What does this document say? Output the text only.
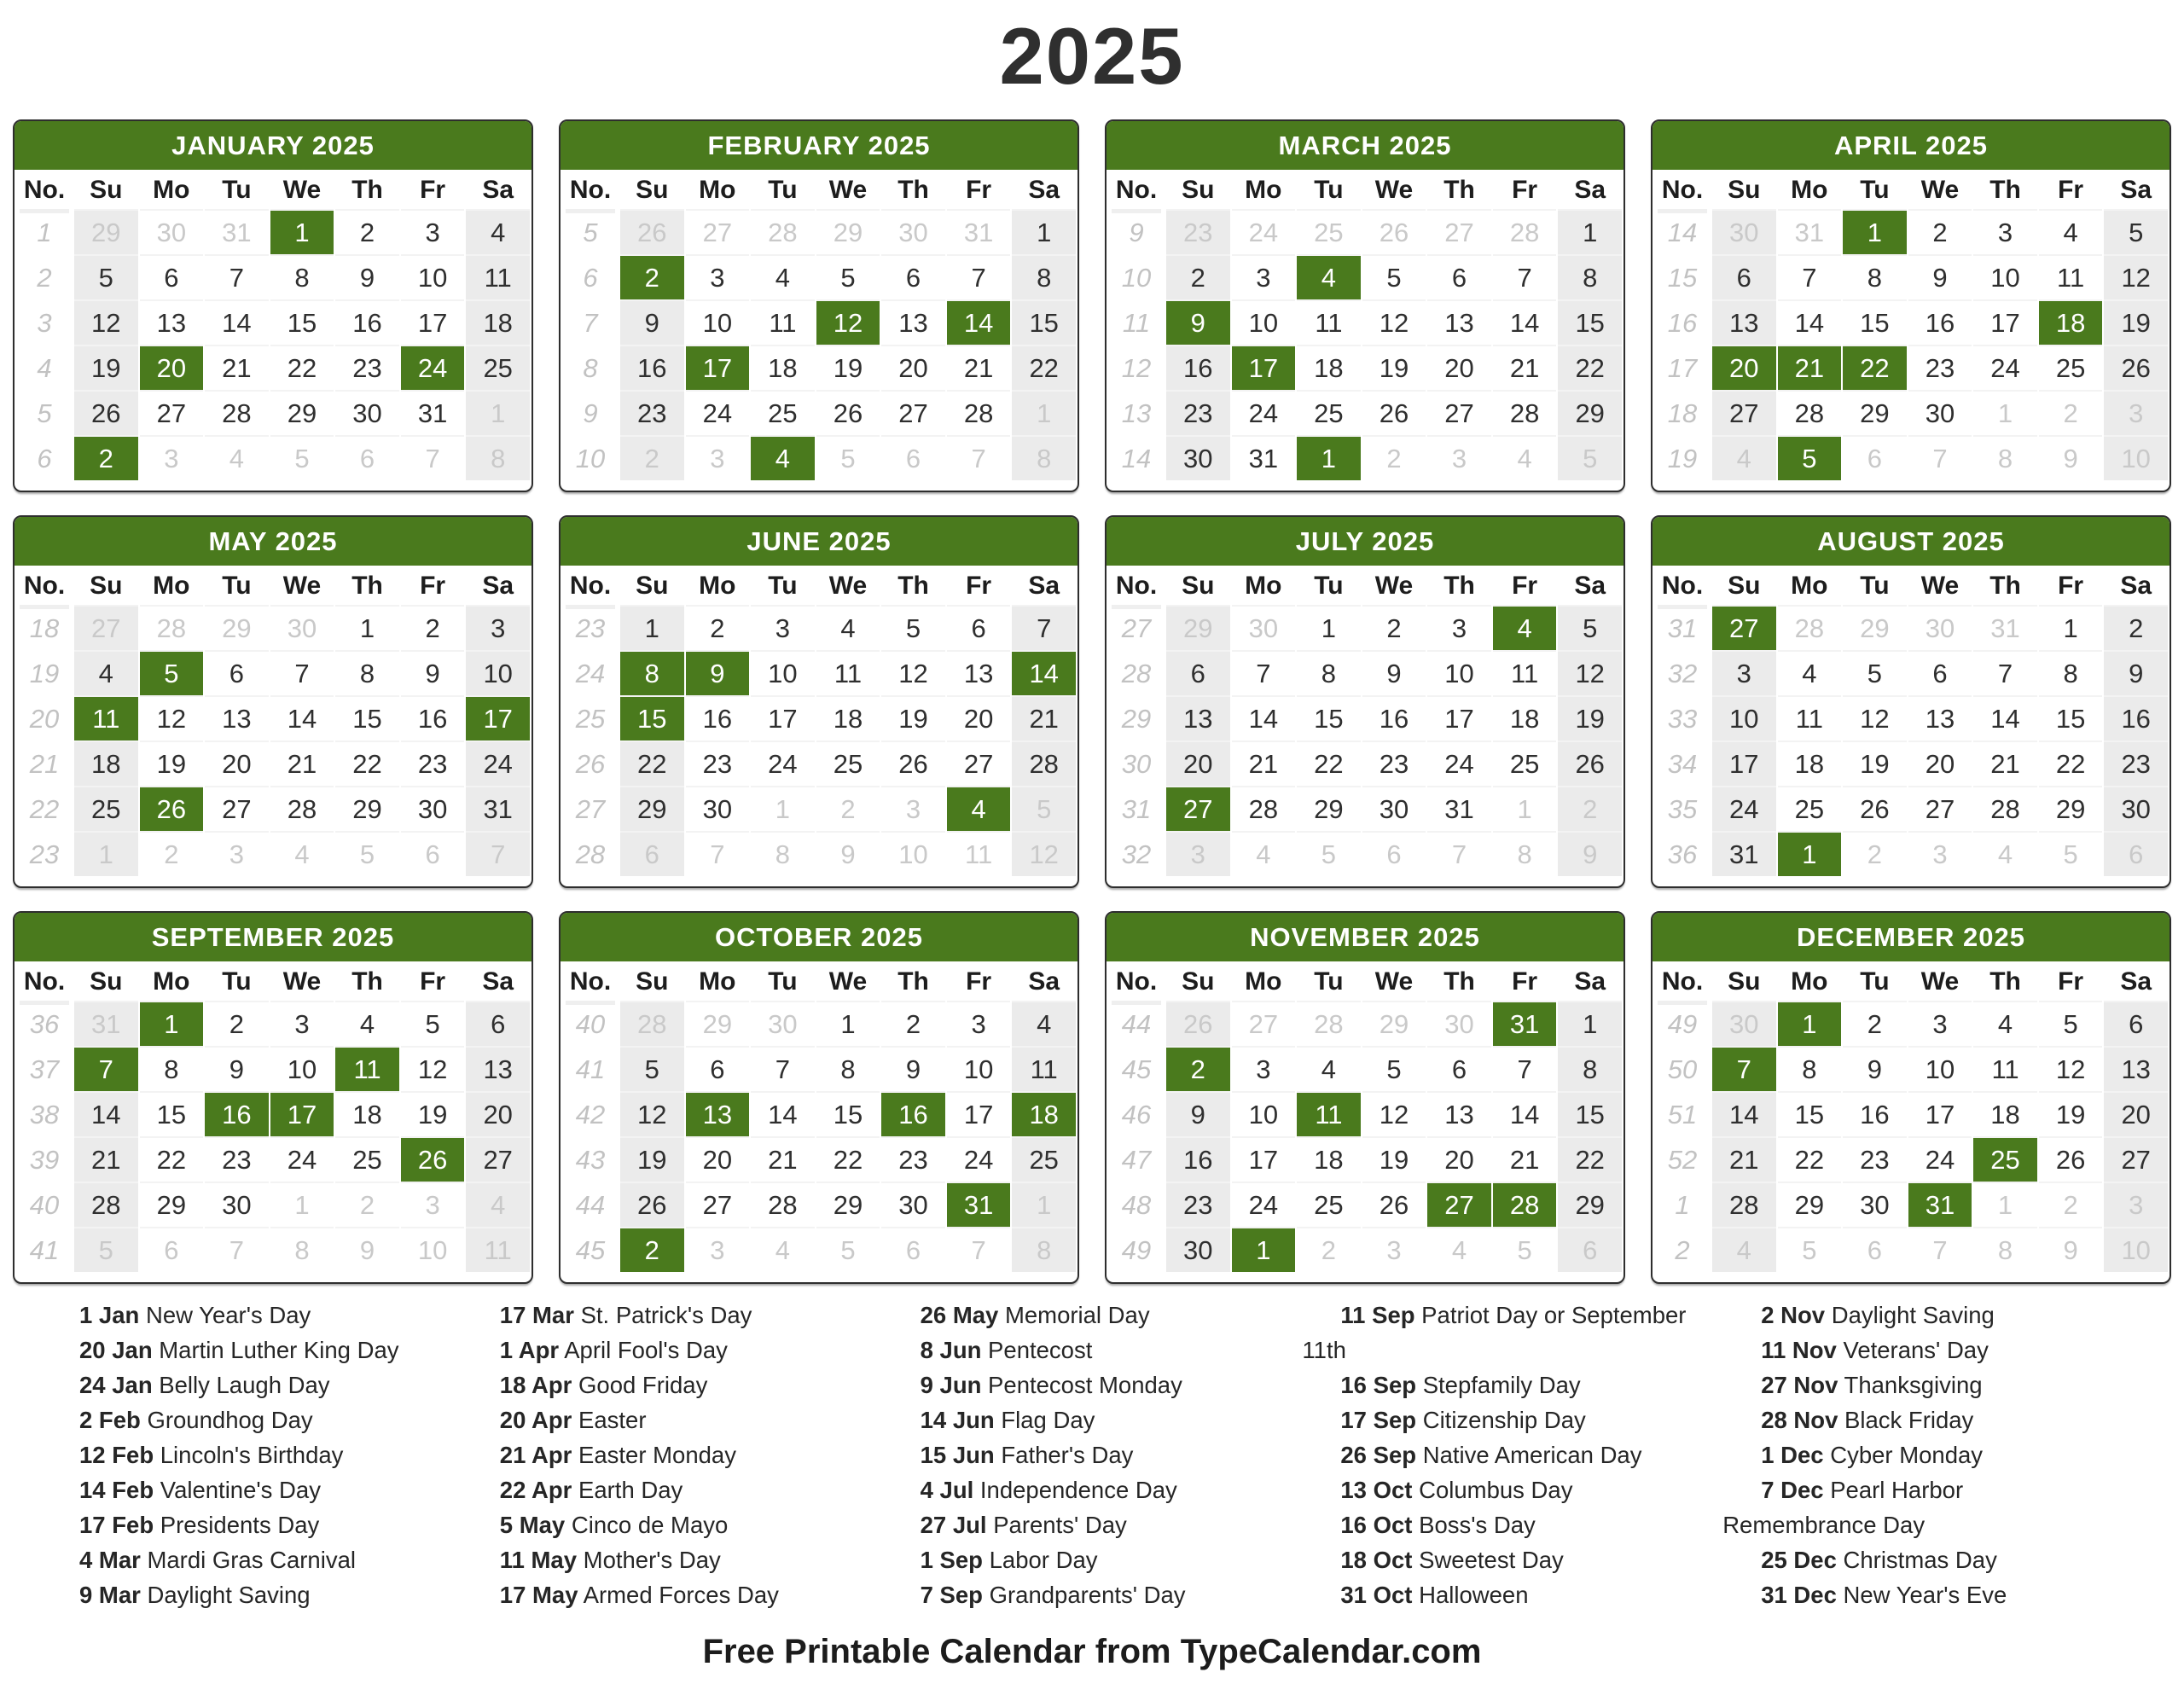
2025
JANUARY 2025
No.	Su	Mo	Tu	We	Th	Fr	Sa
1	29	30	31	1	2	3	4
2	5	6	7	8	9	10	11
3	12	13	14	15	16	17	18
4	19	20	21	22	23	24	25
5	26	27	28	29	30	31	1
6	2	3	4	5	6	7	8
FEBRUARY 2025
No.	Su	Mo	Tu	We	Th	Fr	Sa
5	26	27	28	29	30	31	1
6	2	3	4	5	6	7	8
7	9	10	11	12	13	14	15
8	16	17	18	19	20	21	22
9	23	24	25	26	27	28	1
10	2	3	4	5	6	7	8
MARCH 2025
No.	Su	Mo	Tu	We	Th	Fr	Sa
9	23	24	25	26	27	28	1
10	2	3	4	5	6	7	8
11	9	10	11	12	13	14	15
12	16	17	18	19	20	21	22
13	23	24	25	26	27	28	29
14	30	31	1	2	3	4	5
APRIL 2025
No.	Su	Mo	Tu	We	Th	Fr	Sa
14	30	31	1	2	3	4	5
15	6	7	8	9	10	11	12
16	13	14	15	16	17	18	19
17	20	21	22	23	24	25	26
18	27	28	29	30	1	2	3
19	4	5	6	7	8	9	10
MAY 2025
No.	Su	Mo	Tu	We	Th	Fr	Sa
18	27	28	29	30	1	2	3
19	4	5	6	7	8	9	10
20	11	12	13	14	15	16	17
21	18	19	20	21	22	23	24
22	25	26	27	28	29	30	31
23	1	2	3	4	5	6	7
JUNE 2025
No.	Su	Mo	Tu	We	Th	Fr	Sa
23	1	2	3	4	5	6	7
24	8	9	10	11	12	13	14
25	15	16	17	18	19	20	21
26	22	23	24	25	26	27	28
27	29	30	1	2	3	4	5
28	6	7	8	9	10	11	12
JULY 2025
No.	Su	Mo	Tu	We	Th	Fr	Sa
27	29	30	1	2	3	4	5
28	6	7	8	9	10	11	12
29	13	14	15	16	17	18	19
30	20	21	22	23	24	25	26
31	27	28	29	30	31	1	2
32	3	4	5	6	7	8	9
AUGUST 2025
No.	Su	Mo	Tu	We	Th	Fr	Sa
31	27	28	29	30	31	1	2
32	3	4	5	6	7	8	9
33	10	11	12	13	14	15	16
34	17	18	19	20	21	22	23
35	24	25	26	27	28	29	30
36	31	1	2	3	4	5	6
SEPTEMBER 2025
No.	Su	Mo	Tu	We	Th	Fr	Sa
36	31	1	2	3	4	5	6
37	7	8	9	10	11	12	13
38	14	15	16	17	18	19	20
39	21	22	23	24	25	26	27
40	28	29	30	1	2	3	4
41	5	6	7	8	9	10	11
OCTOBER 2025
No.	Su	Mo	Tu	We	Th	Fr	Sa
40	28	29	30	1	2	3	4
41	5	6	7	8	9	10	11
42	12	13	14	15	16	17	18
43	19	20	21	22	23	24	25
44	26	27	28	29	30	31	1
45	2	3	4	5	6	7	8
NOVEMBER 2025
No.	Su	Mo	Tu	We	Th	Fr	Sa
44	26	27	28	29	30	31	1
45	2	3	4	5	6	7	8
46	9	10	11	12	13	14	15
47	16	17	18	19	20	21	22
48	23	24	25	26	27	28	29
49	30	1	2	3	4	5	6
DECEMBER 2025
No.	Su	Mo	Tu	We	Th	Fr	Sa
49	30	1	2	3	4	5	6
50	7	8	9	10	11	12	13
51	14	15	16	17	18	19	20
52	21	22	23	24	25	26	27
1	28	29	30	31	1	2	3
2	4	5	6	7	8	9	10
1 Jan New Year's Day
20 Jan Martin Luther King Day
24 Jan Belly Laugh Day
2 Feb Groundhog Day
12 Feb Lincoln's Birthday
14 Feb Valentine's Day
17 Feb Presidents Day
4 Mar Mardi Gras Carnival
9 Mar Daylight Saving
17 Mar St. Patrick's Day
1 Apr April Fool's Day
18 Apr Good Friday
20 Apr Easter
21 Apr Easter Monday
22 Apr Earth Day
5 May Cinco de Mayo
11 May Mother's Day
17 May Armed Forces Day
26 May Memorial Day
8 Jun Pentecost
9 Jun Pentecost Monday
14 Jun Flag Day
15 Jun Father's Day
4 Jul Independence Day
27 Jul Parents' Day
1 Sep Labor Day
7 Sep Grandparents' Day
11 Sep Patriot Day or September 11th
16 Sep Stepfamily Day
17 Sep Citizenship Day
26 Sep Native American Day
13 Oct Columbus Day
16 Oct Boss's Day
18 Oct Sweetest Day
31 Oct Halloween
2 Nov Daylight Saving
11 Nov Veterans' Day
27 Nov Thanksgiving
28 Nov Black Friday
1 Dec Cyber Monday
7 Dec Pearl Harbor Remembrance Day
25 Dec Christmas Day
31 Dec New Year's Eve
Free Printable Calendar from TypeCalendar.com
